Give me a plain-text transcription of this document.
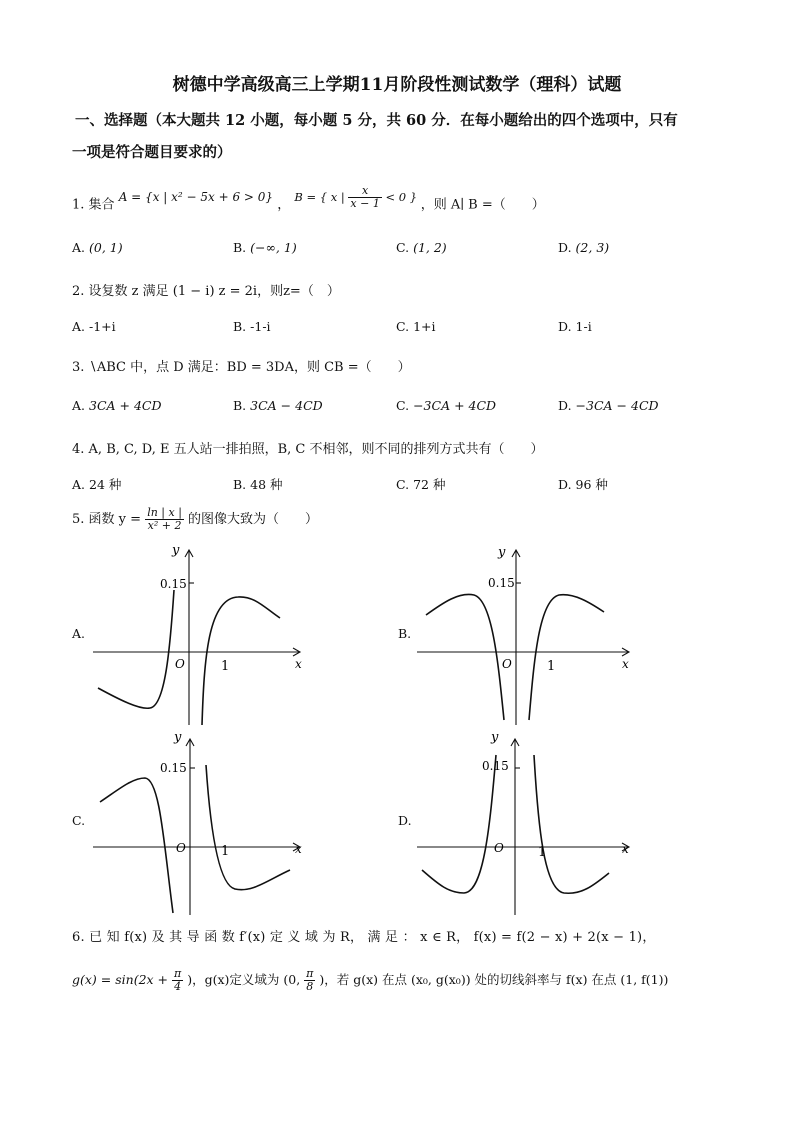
树德中学高级高三上学期11月阶段性测试数学（理科）试题
一、选择题（本大题共 12 小题，每小题 5 分，共 60 分．在每小题给出的四个选项中，只有
一项是符合题目要求的）
1. 集合 A = {x | x² − 5x + 6 > 0} ， B = { x | $\frac{x}{x - 1} < 0$ } ，则 A∣ B =（　　）
A. (0, 1)	B. (−∞, 1)	C. (1, 2)	D. (2, 3)
2. 设复数 z 满足 (1 − i) z = 2i，则z=（　）
A. -1+i	B. -1-i	C. 1+i	D. 1-i
3. ∖ABC 中，点 D 满足：BD = 3DA，则 CB =（　　）
A. 3CA + 4CD	B. 3CA − 4CD	C. −3CA + 4CD	D. −3CA − 4CD
4. A, B, C, D, E 五人站一排拍照，B, C 不相邻，则不同的排列方式共有（　　）
A. 24 种	B. 48 种	C. 72 种	D. 96 种
5. 函数 $y = \frac{\ln | x |}{\text{x² + 2}}$ 的图像大致为（　　）
A.
y
0.15
O	1	x
B.
y
0.15
O	1	x
C.
y
0.15
O	1	x
D.
y
0.15
O	1	x
6. 已 知 f(x) 及 其 导 函 数 f′(x) 定 义 域 为 R， 满 足 ： x ∈ R， f(x) = f(2 − x) + 2(x − 1)，
$g(x) = \sin(2x + \frac{\pi}{4}$ )，g(x)定义域为 (0, $\frac{\pi}{8}$ )，若 g(x) 在点 (x₀, g(x₀)) 处的切线斜率与 f(x) 在点 (1, f(1))
